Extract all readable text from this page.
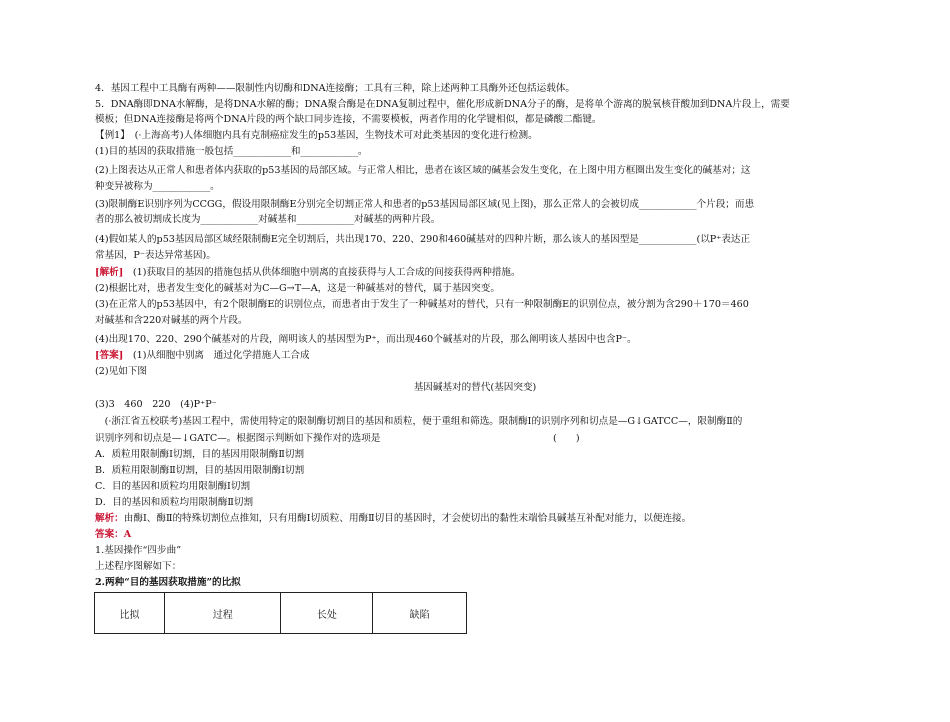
4．基因工程中工具酶有两种——限制性内切酶和DNA连接酶；工具有三种，除上述两种工具酶外还包括运载体。
5．DNA酶即DNA水解酶，是将DNA水解的酶；DNA聚合酶是在DNA复制过程中，催化形成新DNA分子的酶，是将单个游离的脱氧核苷酸加到DNA片段上，需要
模板；但DNA连接酶是将两个DNA片段的两个缺口同步连接，不需要模板，两者作用的化学键相似，都是磷酸二酯键。
【例1】　(·上海高考)人体细胞内具有克制癌症发生的p53基因，生物技术可对此类基因的变化进行检测。
(1)目的基因的获取措施一般包括____________和____________。
(2)上图表达从正常人和患者体内获取的p53基因的局部区域。与正常人相比，患者在该区域的碱基会发生变化，在上图中用方框圈出发生变化的碱基对；这
种变异被称为____________。
(3)限制酶E识别序列为CCGG，假设用限制酶E分别完全切割正常人和患者的p53基因局部区域(见上图)，那么正常人的会被切成____________个片段；而患
者的那么被切割成长度为____________对碱基和____________对碱基的两种片段。
(4)假如某人的p53基因局部区域经限制酶E完全切割后，共出现170、220、290和460碱基对的四种片断，那么该人的基因型是____________(以P⁺表达正
常基因，P⁻表达异常基因)。
[解析]　(1)获取目的基因的措施包括从供体细胞中别离的直接获得与人工合成的间接获得两种措施。
(2)根据比对，患者发生变化的碱基对为C—G→T—A，这是一种碱基对的替代，属于基因突变。
(3)在正常人的p53基因中，有2个限制酶E的识别位点，而患者由于发生了一种碱基对的替代，只有一种限制酶E的识别位点，被分割为含290＋170＝460
对碱基和含220对碱基的两个片段。
(4)出现170、220、290个碱基对的片段，阐明该人的基因型为P⁺，而出现460个碱基对的片段，那么阐明该人基因中也含P⁻。
[答案]　(1)从细胞中别离　通过化学措施人工合成
(2)见如下图
基因碱基对的替代(基因突变)
(3)3　460　220　(4)P⁺P⁻
　(·浙江省五校联考)基因工程中，需使用特定的限制酶切割目的基因和质粒，便于重组和筛选。限制酶Ⅰ的识别序列和切点是—G↓GATCC—，限制酶Ⅱ的
识别序列和切点是—↓GATC—。根据图示判断如下操作对的选项是　　　　　　　　　　　　　　　　　　(　　)
A．质粒用限制酶Ⅰ切割，目的基因用限制酶Ⅱ切割
B．质粒用限制酶Ⅱ切割，目的基因用限制酶Ⅰ切割
C．目的基因和质粒均用限制酶Ⅰ切割
D．目的基因和质粒均用限制酶Ⅱ切割
解析：由酶Ⅰ、酶Ⅱ的特殊切割位点推知，只有用酶Ⅰ切质粒、用酶Ⅱ切目的基因时，才会使切出的黏性末端恰具碱基互补配对能力，以便连接。
答案：A
1.基因操作“四步曲”
上述程序图解如下：
2.两种“目的基因获取措施”的比拟
比拟	过程	长处	缺陷
